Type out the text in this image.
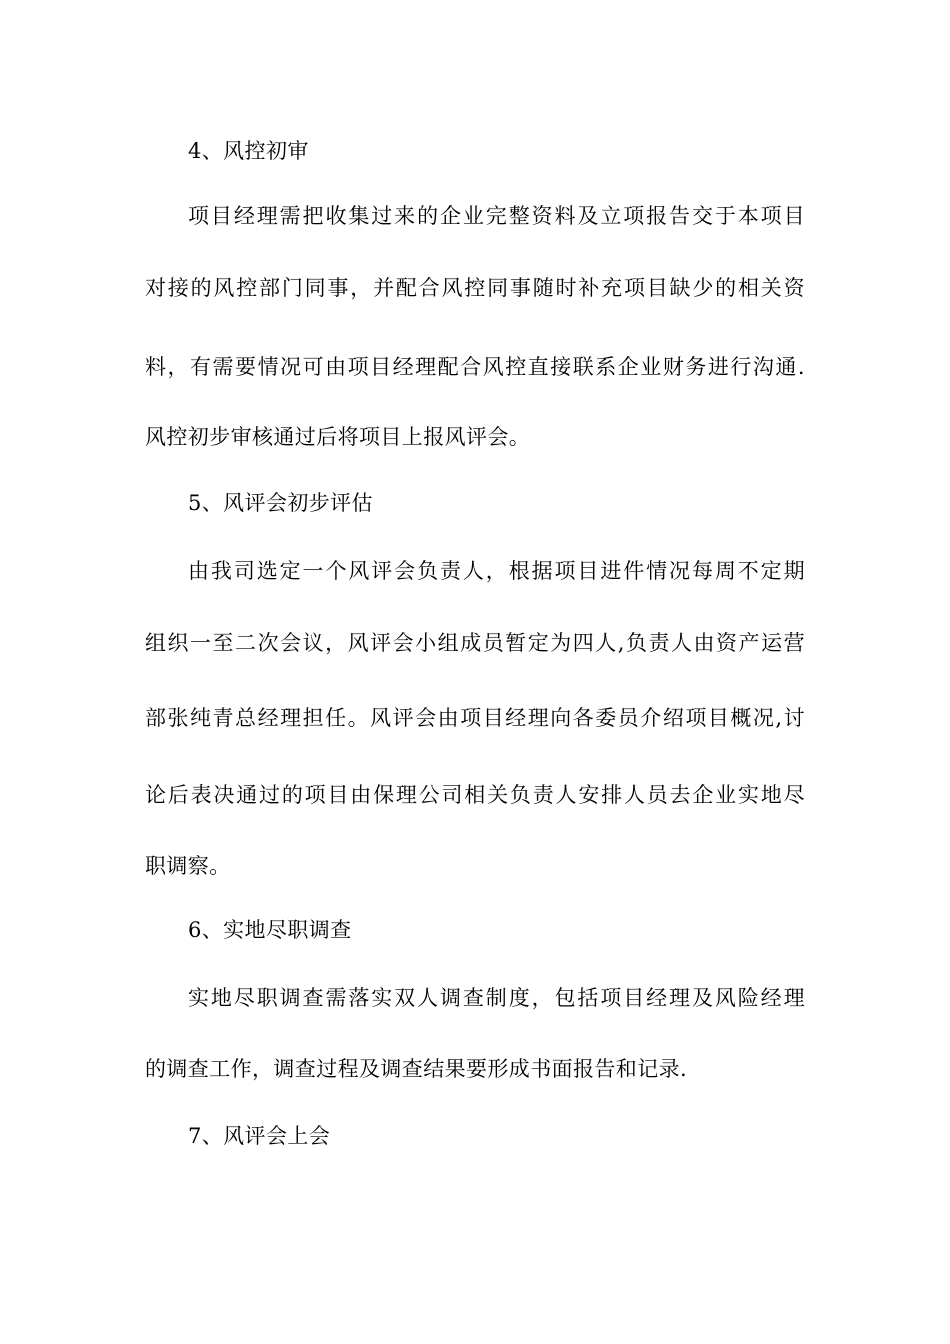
4、风控初审
项目经理需把收集过来的企业完整资料及立项报告交于本项目
对接的风控部门同事，并配合风控同事随时补充项目缺少的相关资
料，有需要情况可由项目经理配合风控直接联系企业财务进行沟通.
风控初步审核通过后将项目上报风评会。
5、风评会初步评估
由我司选定一个风评会负责人，根据项目进件情况每周不定期
组织一至二次会议，风评会小组成员暂定为四人,负责人由资产运营
部张纯青总经理担任。风评会由项目经理向各委员介绍项目概况,讨
论后表决通过的项目由保理公司相关负责人安排人员去企业实地尽
职调察。
6、实地尽职调查
实地尽职调查需落实双人调查制度，包括项目经理及风险经理
的调查工作，调查过程及调查结果要形成书面报告和记录.
7、风评会上会
